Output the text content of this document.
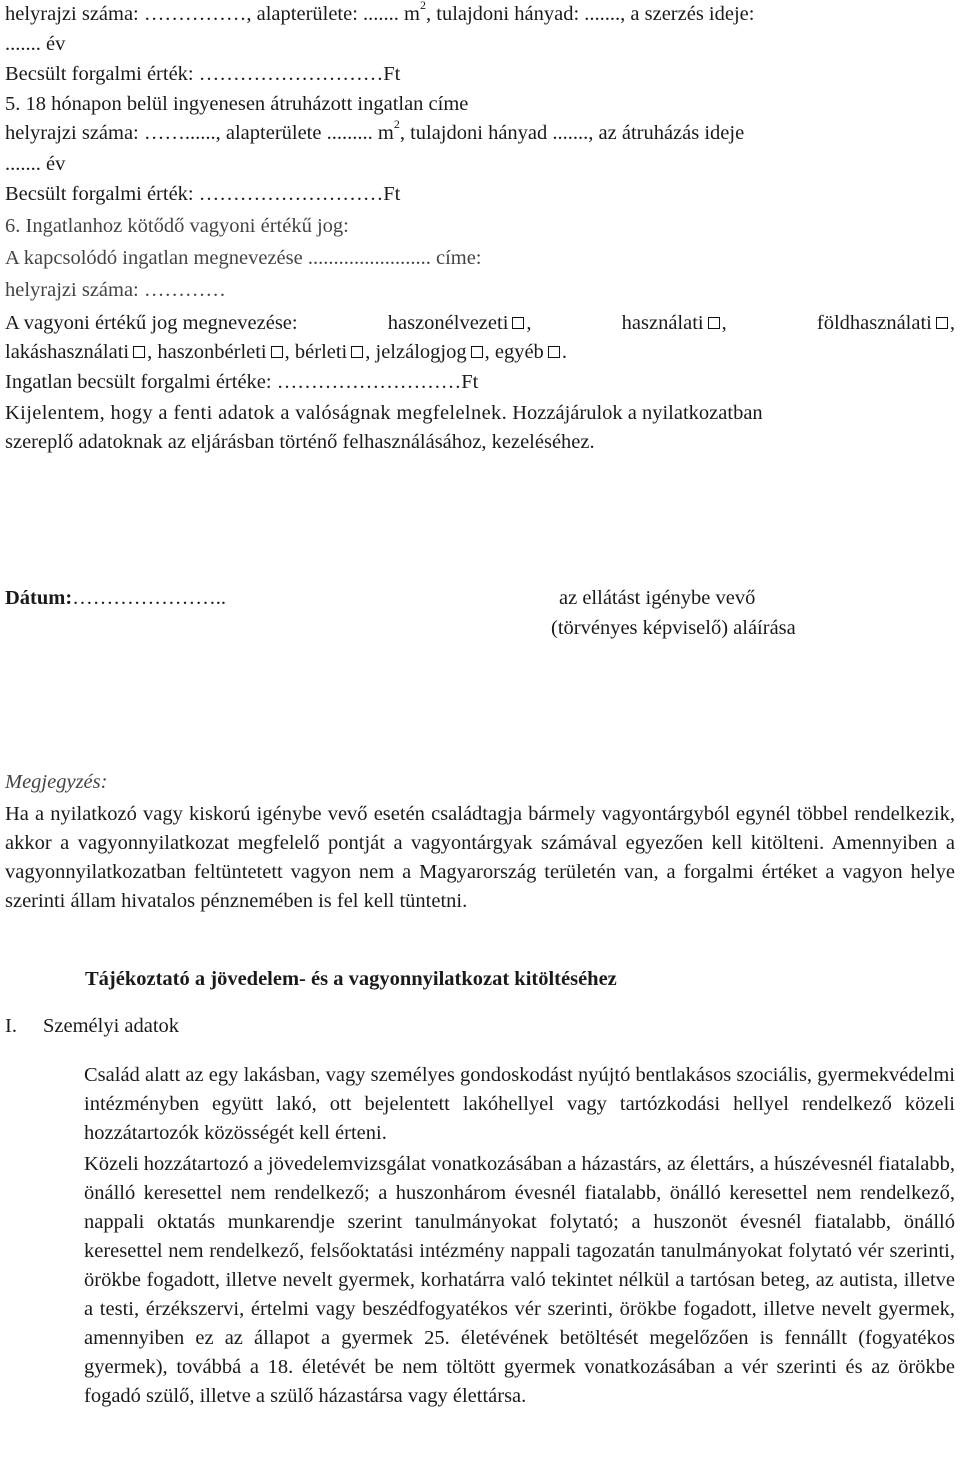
helyrajzi száma: ……………, alapterülete: ....... $m^2$, tulajdoni hányad: ......., a szerzés ideje:
....... év
Becsült forgalmi érték: ………………………Ft
5. 18 hónapon belül ingyenesen átruházott ingatlan címe
helyrajzi száma: ……......, alapterülete ......... $m^2$, tulajdoni hányad ......., az átruházás ideje
....... év
Becsült forgalmi érték: ………………………Ft
6. Ingatlanhoz kötődő vagyoni értékű jog:
A kapcsolódó ingatlan megnevezése ........................ címe:
helyrajzi száma: …………
A vagyoni értékű jog megnevezése:	haszonélvezeti ,	használati ,	földhasználati ,
lakáshasználati , haszonbérleti , bérleti , jelzálogjog , egyéb .
Ingatlan becsült forgalmi értéke: ………………………Ft
Kijelentem, hogy a fenti adatok a valóságnak megfelelnek. Hozzájárulok a nyilatkozatban
szereplő adatoknak az eljárásban történő felhasználásához, kezeléséhez.
Dátum:…………………..	az ellátást igénybe vevő
(törvényes képviselő) aláírása
Megjegyzés:
Ha a nyilatkozó vagy kiskorú igénybe vevő esetén családtagja bármely vagyontárgyból egynél többel rendelkezik, akkor a vagyonnyilatkozat megfelelő pontját a vagyontárgyak számával egyezően kell kitölteni. Amennyiben a vagyonnyilatkozatban feltüntetett vagyon nem a Magyarország területén van, a forgalmi értéket a vagyon helye szerinti állam hivatalos pénznemében is fel kell tüntetni.
Tájékoztató a jövedelem- és a vagyonnyilatkozat kitöltéséhez
I. Személyi adatok
Család alatt az egy lakásban, vagy személyes gondoskodást nyújtó bentlakásos szociális, gyermekvédelmi intézményben együtt lakó, ott bejelentett lakóhellyel vagy tartózkodási hellyel rendelkező közeli hozzátartozók közösségét kell érteni.
Közeli hozzátartozó a jövedelemvizsgálat vonatkozásában a házastárs, az élettárs, a húszévesnél fiatalabb, önálló keresettel nem rendelkező; a huszonhárom évesnél fiatalabb, önálló keresettel nem rendelkező, nappali oktatás munkarendje szerint tanulmányokat folytató; a huszonöt évesnél fiatalabb, önálló keresettel nem rendelkező, felsőoktatási intézmény nappali tagozatán tanulmányokat folytató vér szerinti, örökbe fogadott, illetve nevelt gyermek, korhatárra való tekintet nélkül a tartósan beteg, az autista, illetve a testi, érzékszervi, értelmi vagy beszédfogyatékos vér szerinti, örökbe fogadott, illetve nevelt gyermek, amennyiben ez az állapot a gyermek 25. életévének betöltését megelőzően is fennállt (fogyatékos gyermek), továbbá a 18. életévét be nem töltött gyermek vonatkozásában a vér szerinti és az örökbe fogadó szülő, illetve a szülő házastársa vagy élettársa.
